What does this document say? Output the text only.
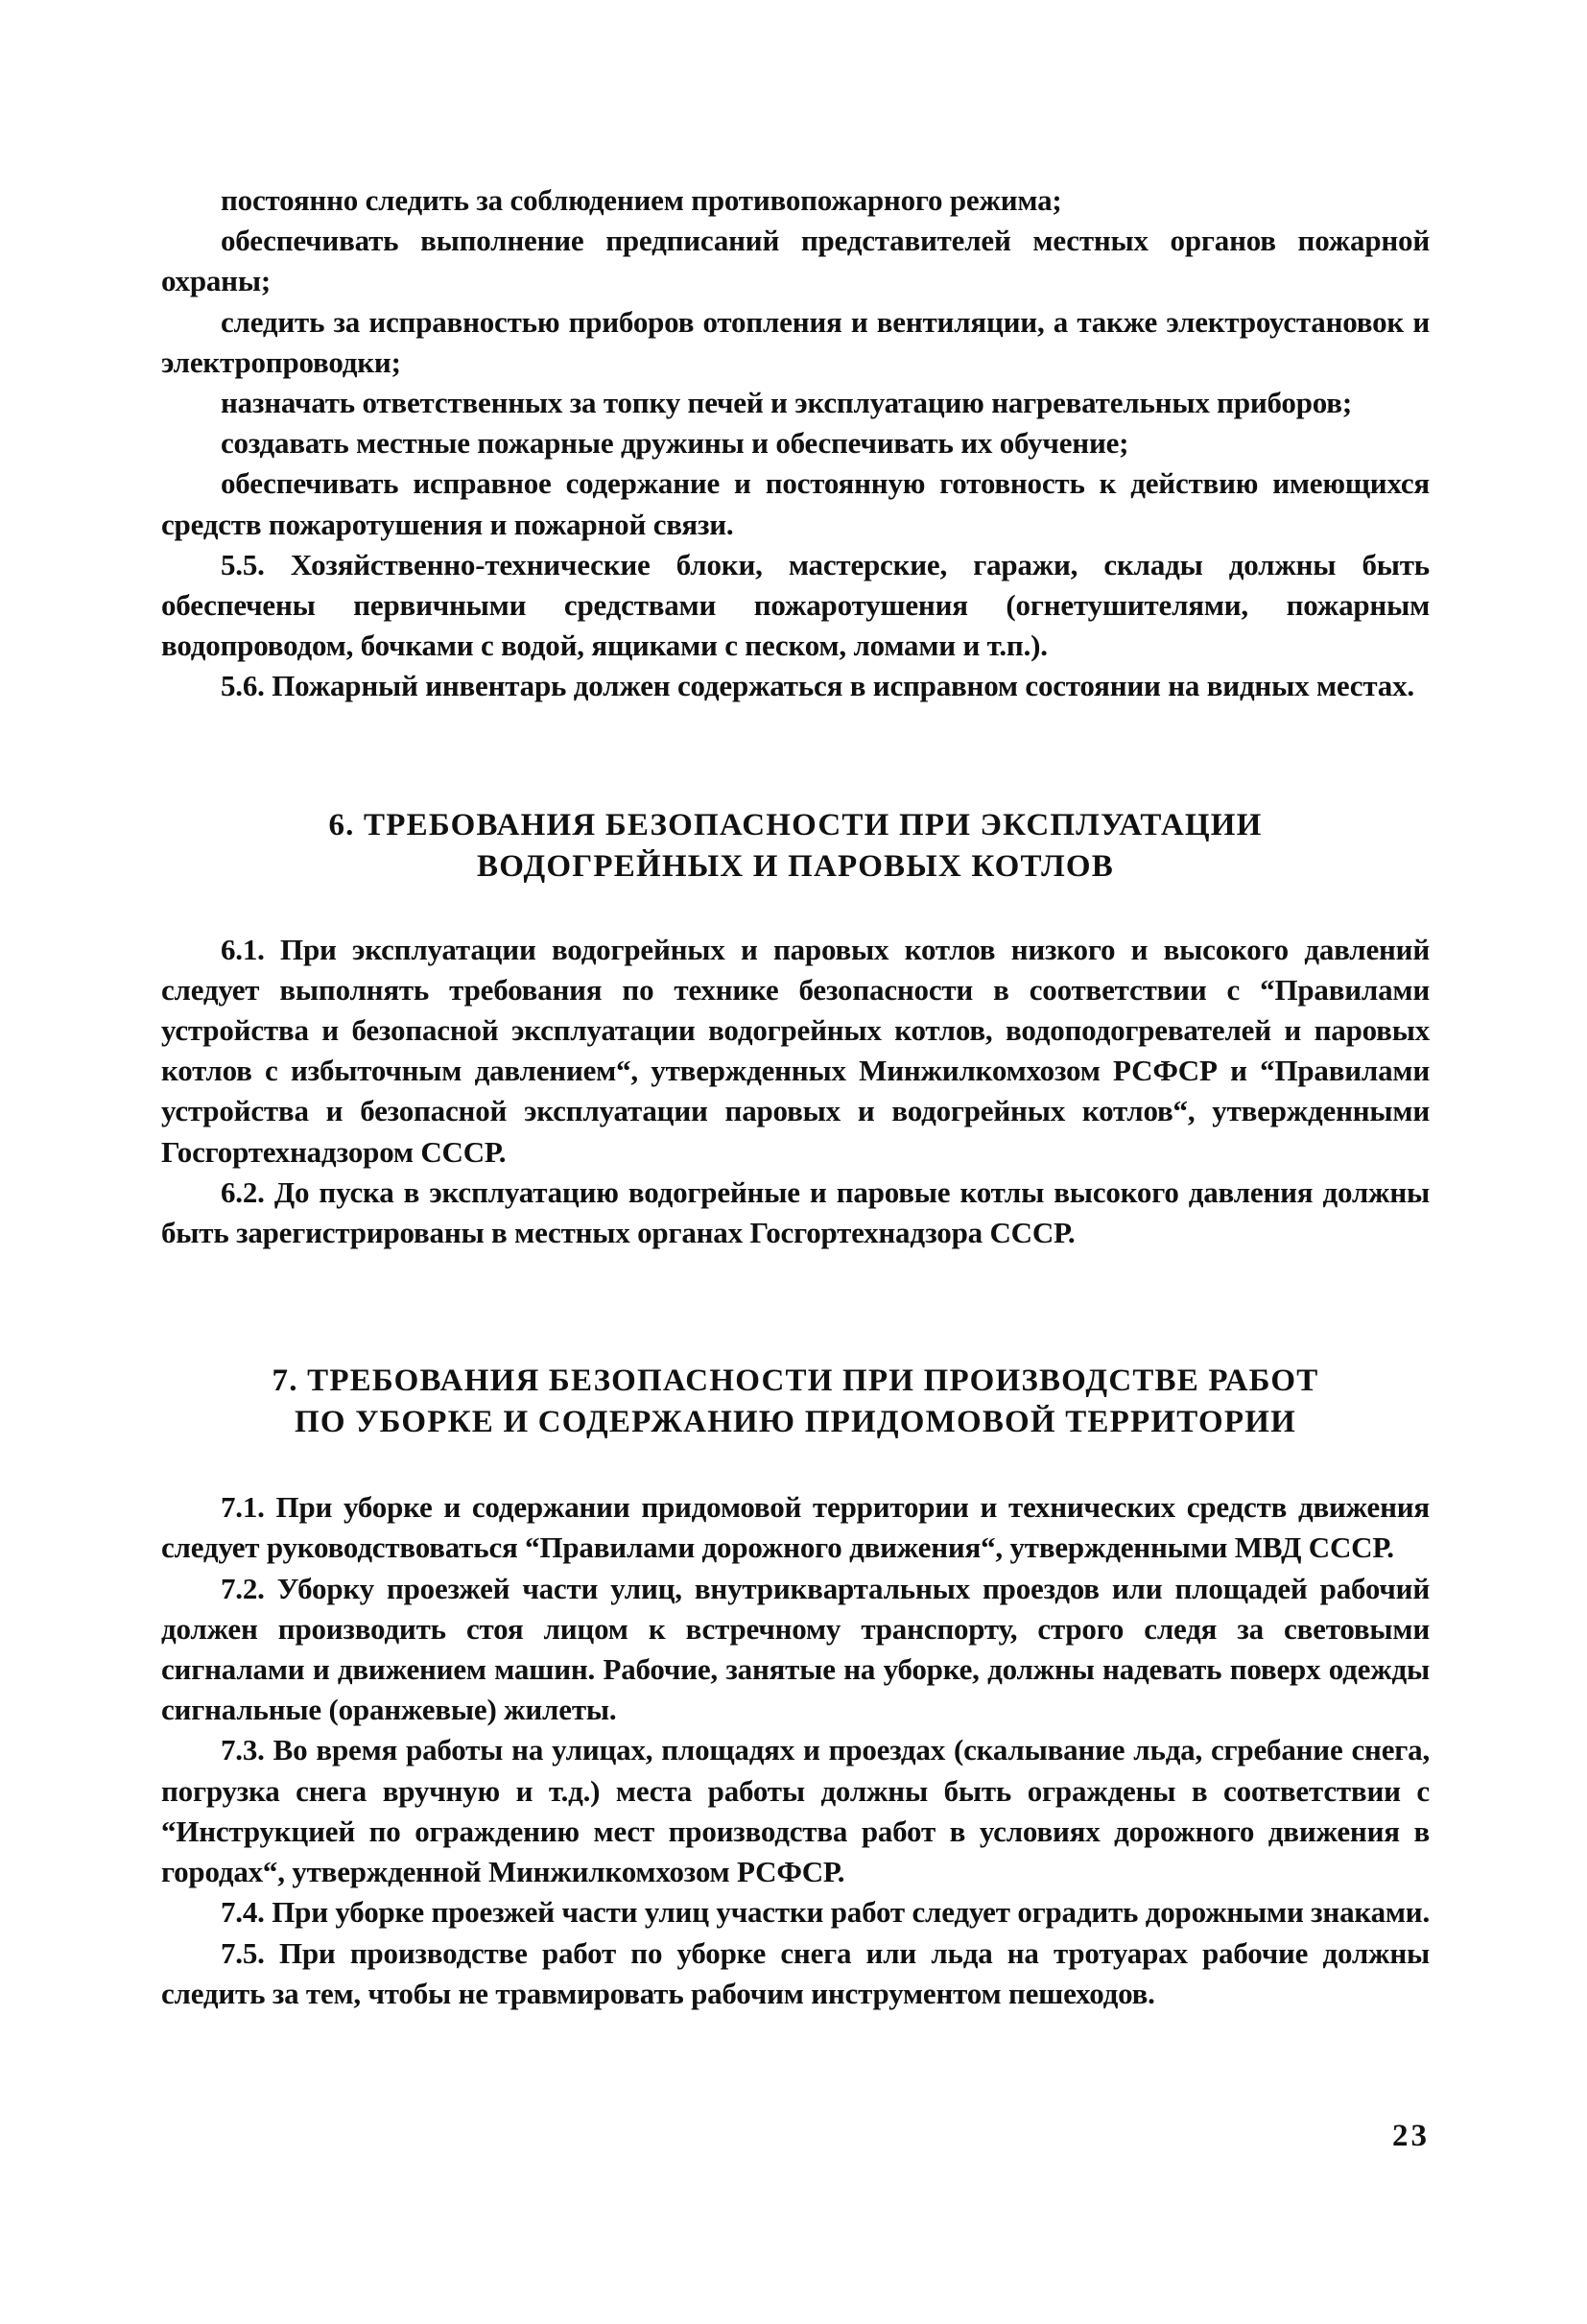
постоянно следить за соблюдением противопожарного режима;

обеспечивать выполнение предписаний представителей местных органов пожарной охраны;

следить за исправностью приборов отопления и вентиляции, а также электроустановок и электропроводки;

назначать ответственных за топку печей и эксплуатацию нагревательных приборов;

создавать местные пожарные дружины и обеспечивать их обучение;

обеспечивать исправное содержание и постоянную готовность к действию имеющихся средств пожаротушения и пожарной связи.

5.5. Хозяйственно-технические блоки, мастерские, гаражи, склады должны быть обеспечены первичными средствами пожаротушения (огнетушителями, пожарным водопроводом, бочками с водой, ящиками с песком, ломами и т.п.).

5.6. Пожарный инвентарь должен содержаться в исправном состоянии на видных местах.

6. ТРЕБОВАНИЯ БЕЗОПАСНОСТИ ПРИ ЭКСПЛУАТАЦИИ
ВОДОГРЕЙНЫХ И ПАРОВЫХ КОТЛОВ

6.1. При эксплуатации водогрейных и паровых котлов низкого и высокого давлений следует выполнять требования по технике безопасности в соответствии с “Правилами устройства и безопасной эксплуатации водогрейных котлов, водоподогревателей и паровых котлов с избыточным давлением“, утвержденных Минжилкомхозом РСФСР и “Правилами устройства и безопасной эксплуатации паровых и водогрейных котлов“, утвержденными Госгортехнадзором СССР.

6.2. До пуска в эксплуатацию водогрейные и паровые котлы высокого давления должны быть зарегистрированы в местных органах Госгортехнадзора СССР.

7. ТРЕБОВАНИЯ БЕЗОПАСНОСТИ ПРИ ПРОИЗВОДСТВЕ РАБОТ
ПО УБОРКЕ И СОДЕРЖАНИЮ ПРИДОМОВОЙ ТЕРРИТОРИИ

7.1. При уборке и содержании придомовой территории и технических средств движения следует руководствоваться “Правилами дорожного движения“, утвержденными МВД СССР.

7.2. Уборку проезжей части улиц, внутриквартальных проездов или площадей рабочий должен производить стоя лицом к встречному транспорту, строго следя за световыми сигналами и движением машин. Рабочие, занятые на уборке, должны надевать поверх одежды сигнальные (оранжевые) жилеты.

7.3. Во время работы на улицах, площадях и проездах (скалывание льда, сгребание снега, погрузка снега вручную и т.д.) места работы должны быть ограждены в соответствии с “Инструкцией по ограждению мест производства работ в условиях дорожного движения в городах“, утвержденной Минжилкомхозом РСФСР.

7.4. При уборке проезжей части улиц участки работ следует оградить дорожными знаками.

7.5. При производстве работ по уборке снега или льда на тротуарах рабочие должны следить за тем, чтобы не травмировать рабочим инструментом пешеходов.

23
